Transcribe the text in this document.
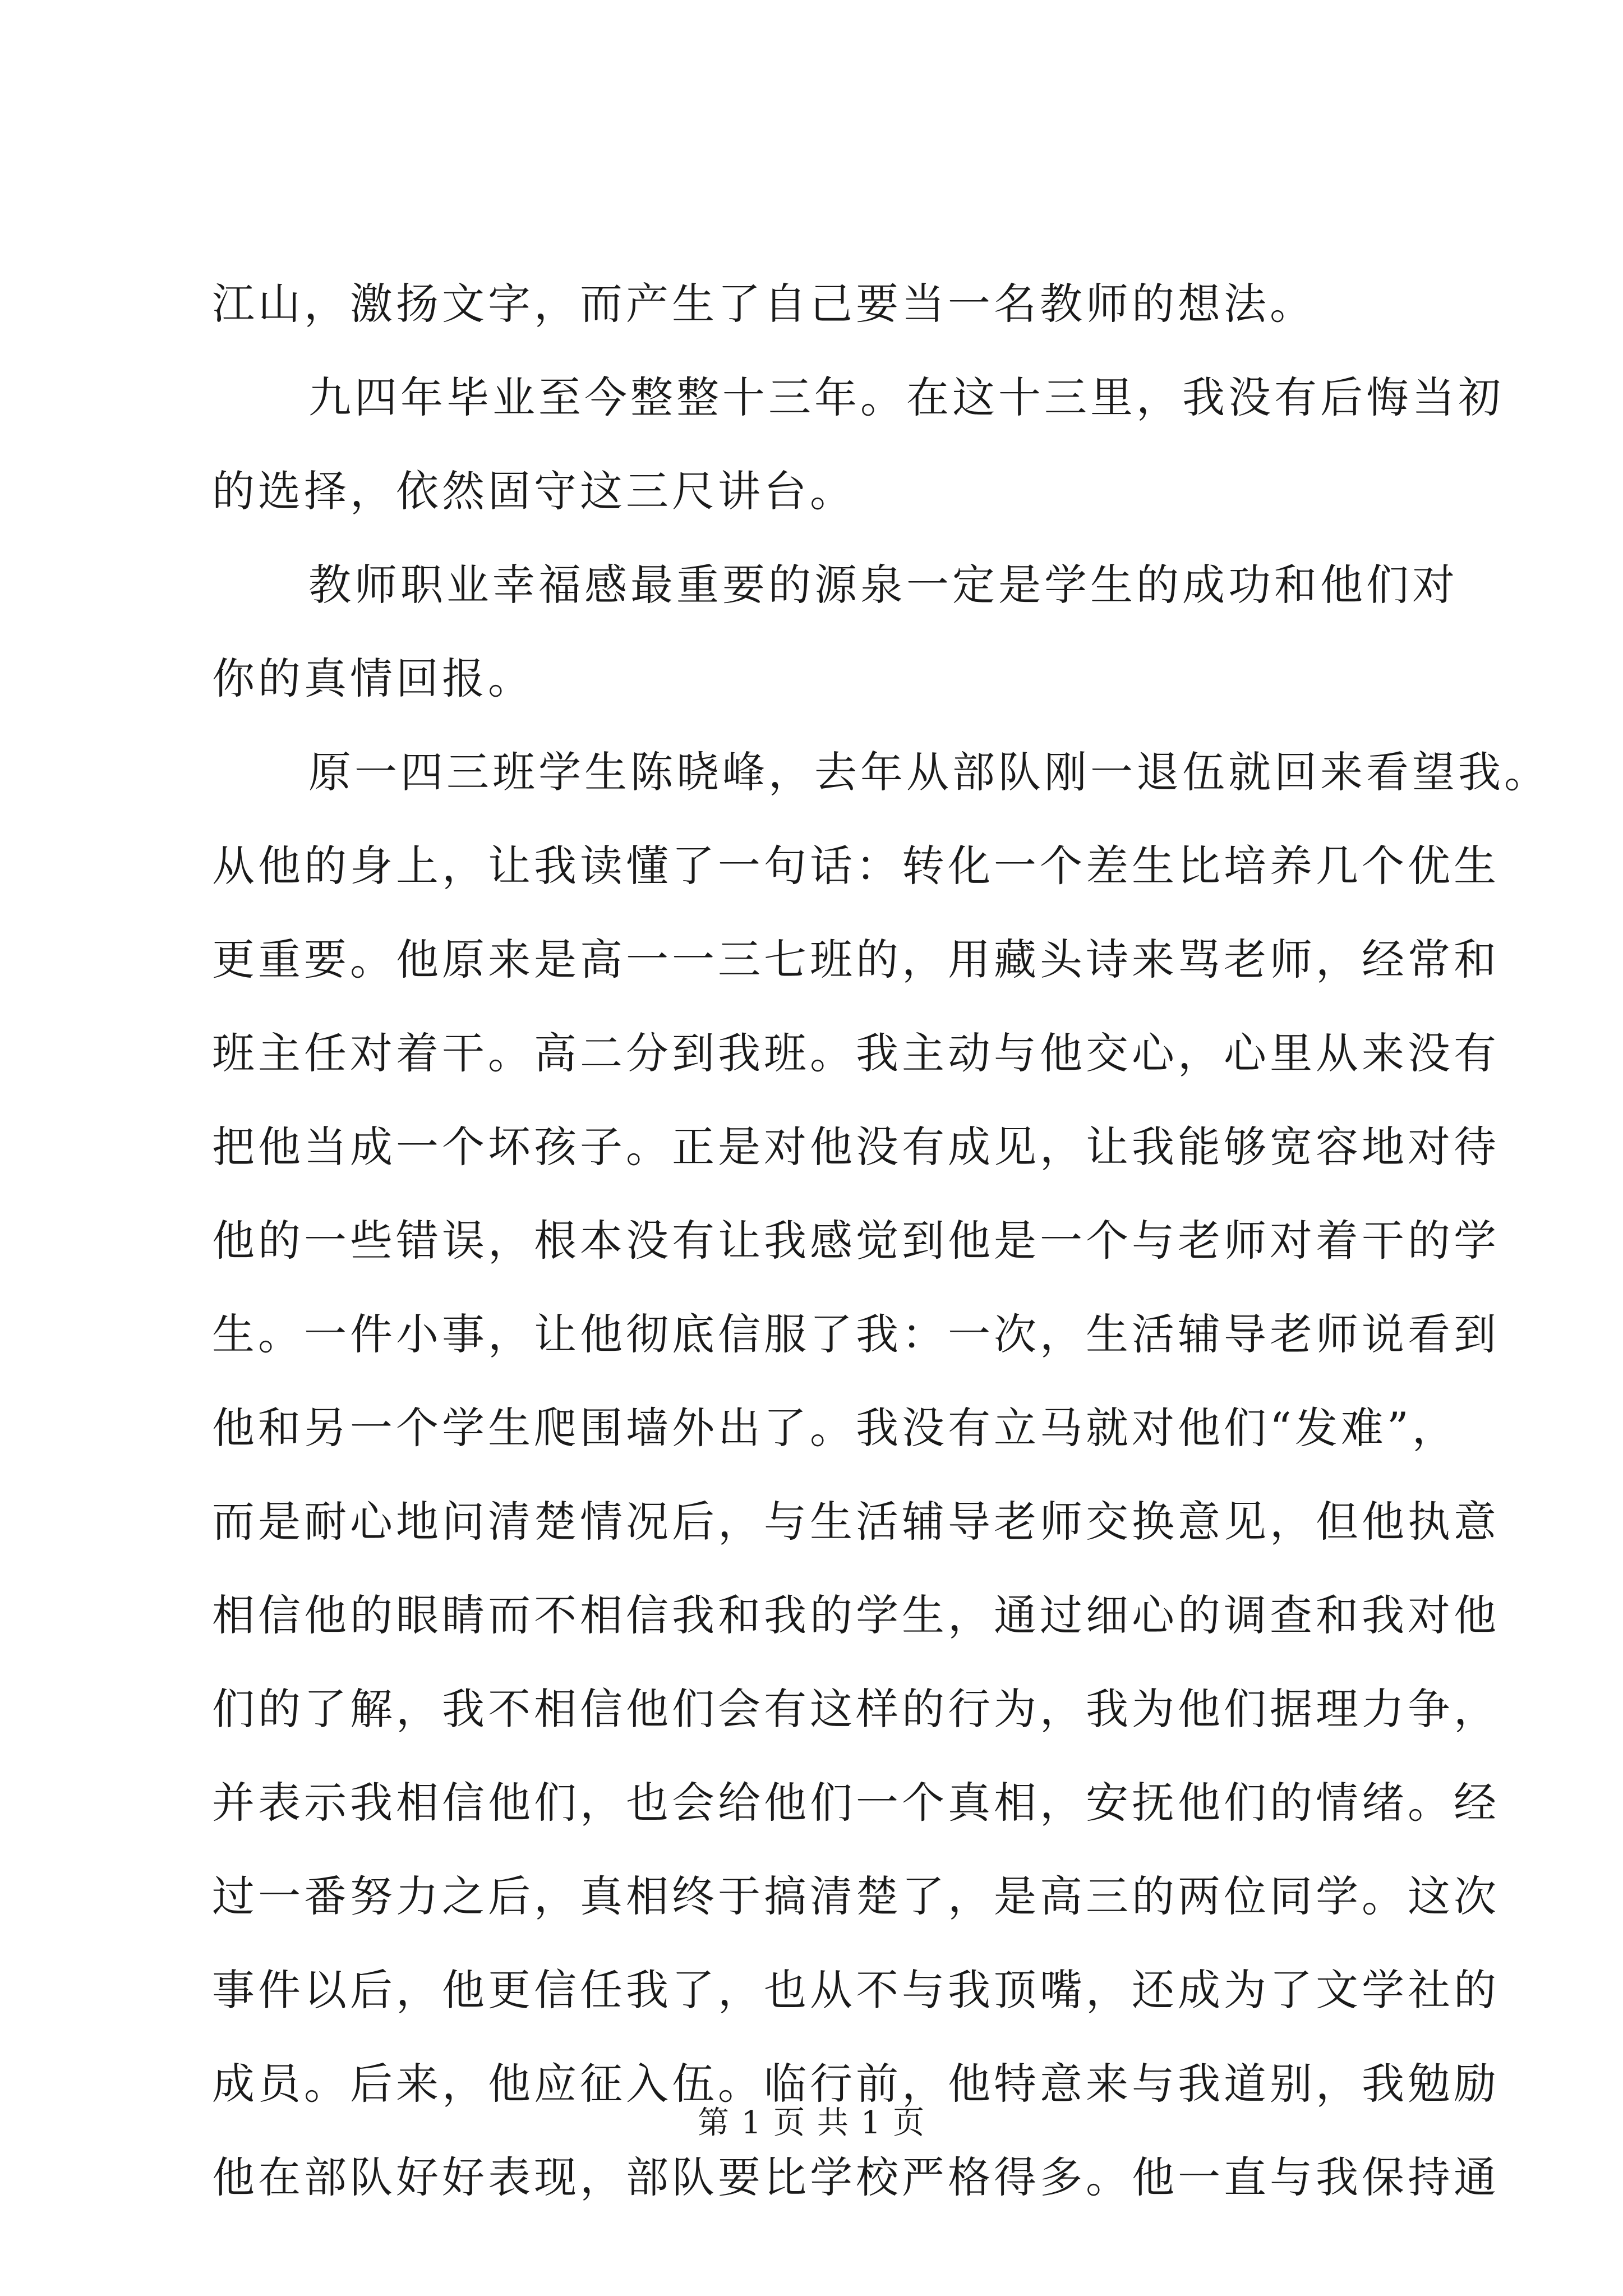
江山，激扬文字，而产生了自己要当一名教师的想法。
九四年毕业至今整整十三年。在这十三里，我没有后悔当初
的选择，依然固守这三尺讲台。
教师职业幸福感最重要的源泉一定是学生的成功和他们对
你的真情回报。
原一四三班学生陈晓峰，去年从部队刚一退伍就回来看望我。
从他的身上，让我读懂了一句话：转化一个差生比培养几个优生
更重要。他原来是高一一三七班的，用藏头诗来骂老师，经常和
班主任对着干。高二分到我班。我主动与他交心，心里从来没有
把他当成一个坏孩子。正是对他没有成见，让我能够宽容地对待
他的一些错误，根本没有让我感觉到他是一个与老师对着干的学
生。一件小事，让他彻底信服了我：一次，生活辅导老师说看到
他和另一个学生爬围墙外出了。我没有立马就对他们“发难”，
而是耐心地问清楚情况后，与生活辅导老师交换意见，但他执意
相信他的眼睛而不相信我和我的学生，通过细心的调查和我对他
们的了解，我不相信他们会有这样的行为，我为他们据理力争，
并表示我相信他们，也会给他们一个真相，安抚他们的情绪。经
过一番努力之后，真相终于搞清楚了，是高三的两位同学。这次
事件以后，他更信任我了，也从不与我顶嘴，还成为了文学社的
成员。后来，他应征入伍。临行前，他特意来与我道别，我勉励
他在部队好好表现，部队要比学校严格得多。他一直与我保持通
第 1 页 共 1 页
